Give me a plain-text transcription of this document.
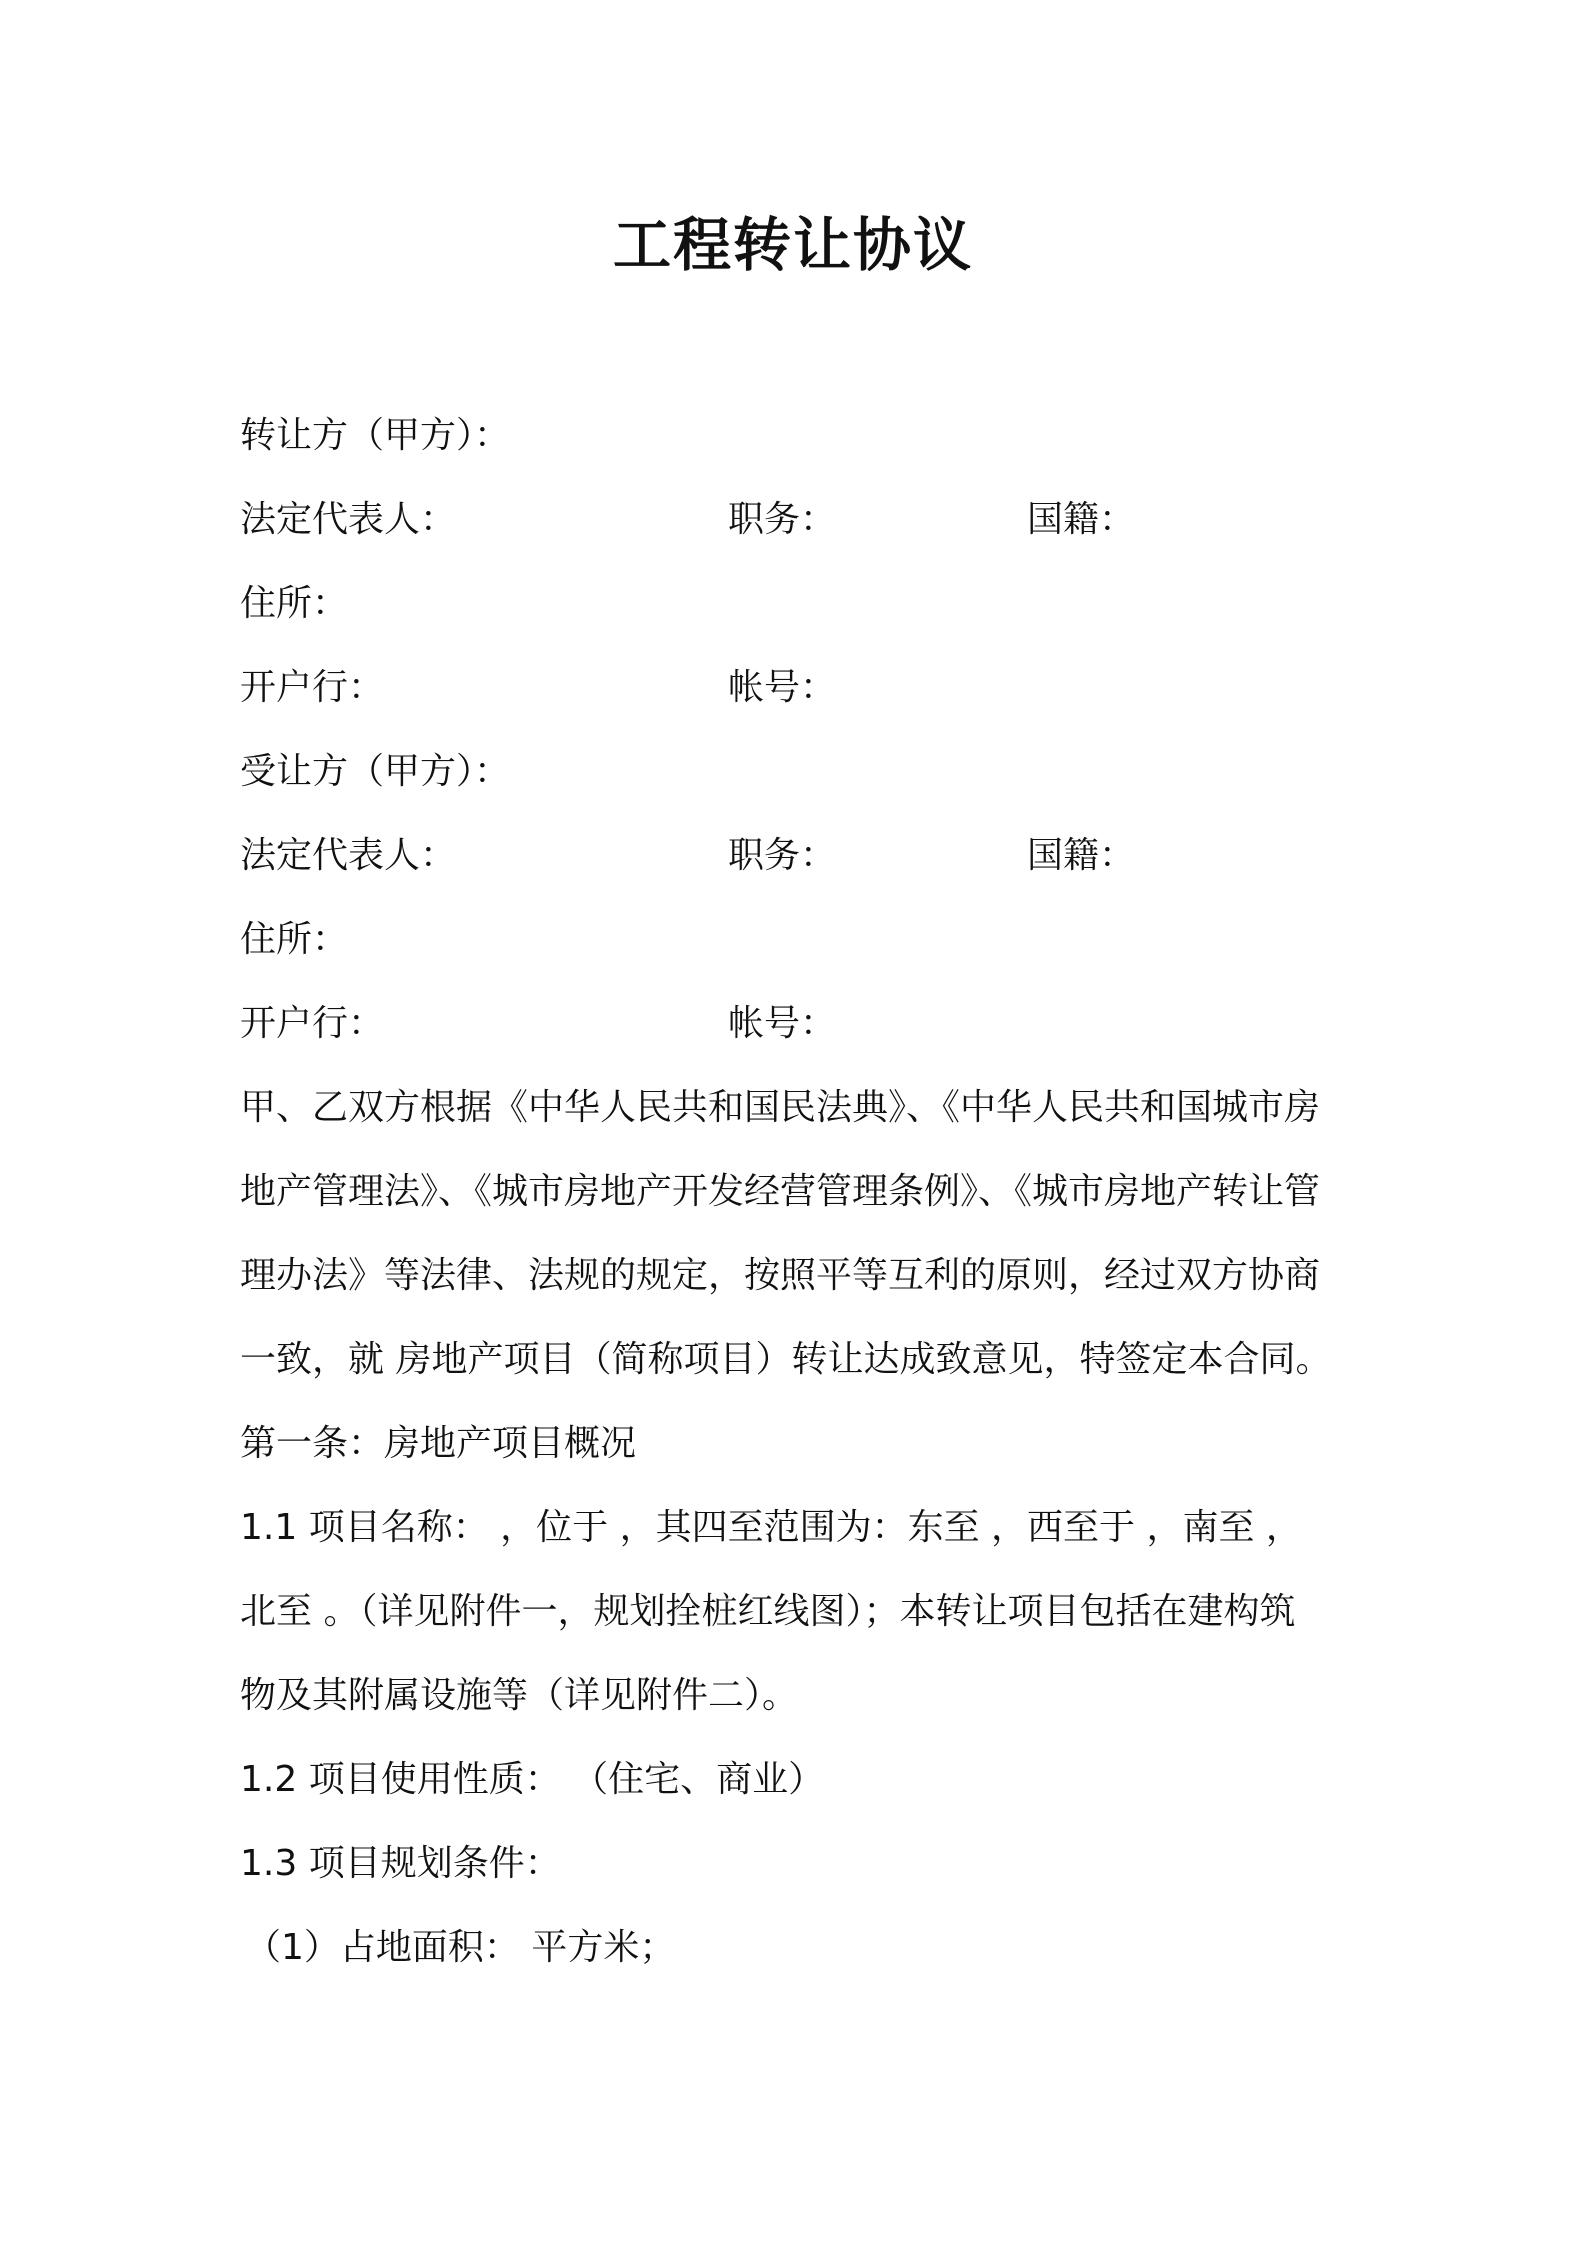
工程转让协议
转让方（甲方）：
法定代表人：	职务：	国籍：
住所：
开户行：	帐号：
受让方（甲方）：
法定代表人：	职务：	国籍：
住所：
开户行：	帐号：
甲、乙双方根据《中华人民共和国民法典》、《中华人民共和国城市房
地产管理法》、《城市房地产开发经营管理条例》、《城市房地产转让管
理办法》等法律、法规的规定，按照平等互利的原则，经过双方协商
一致，就 房地产项目（简称项目）转让达成致意见，特签定本合同。
第一条：房地产项目概况
1.1 项目名称： ，位于 ，其四至范围为：东至 ，西至于 ，南至 ，
北至 。（详见附件一，规划拴桩红线图）；本转让项目包括在建构筑
物及其附属设施等（详见附件二）。
1.2 项目使用性质： （住宅、商业）
1.3 项目规划条件：
（1）占地面积： 平方米；
